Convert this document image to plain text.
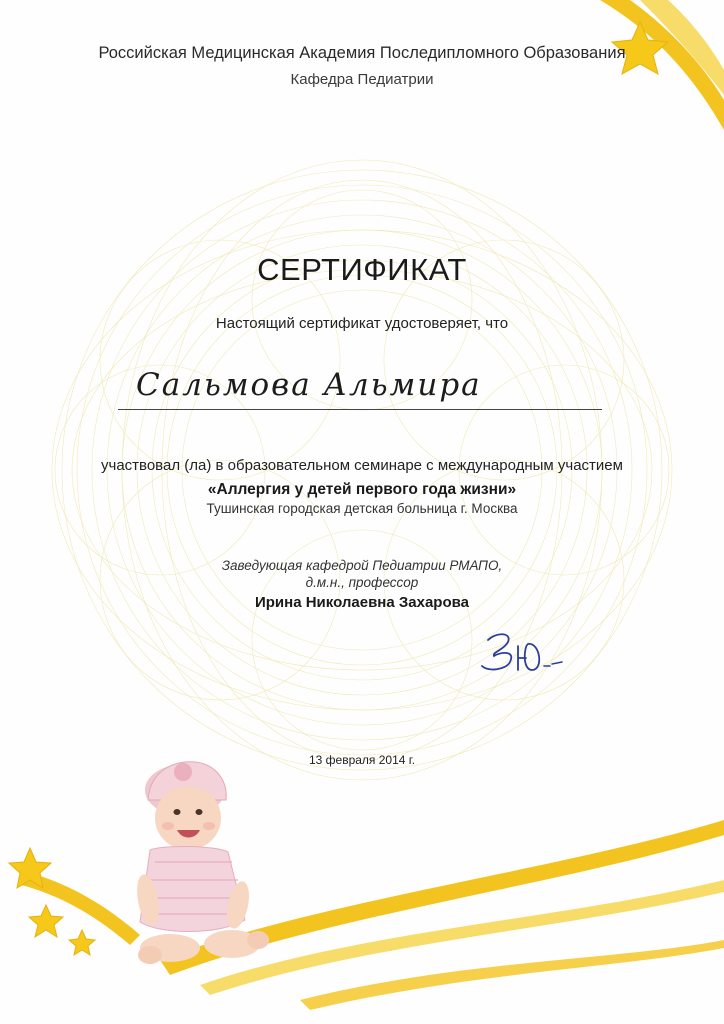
Российская Медицинская Академия Последипломного Образования
Кафедра Педиатрии
СЕРТИФИКАТ
Настоящий сертификат удостоверяет, что
Сальмова Альмира
участвовал (ла) в образовательном семинаре с международным участием
«Аллергия у детей первого года жизни»
Тушинская городская детская больница г. Москва
Заведующая кафедрой Педиатрии РМАПО,
д.м.н., профессор
Ирина Николаевна Захарова
13 февраля 2014 г.
